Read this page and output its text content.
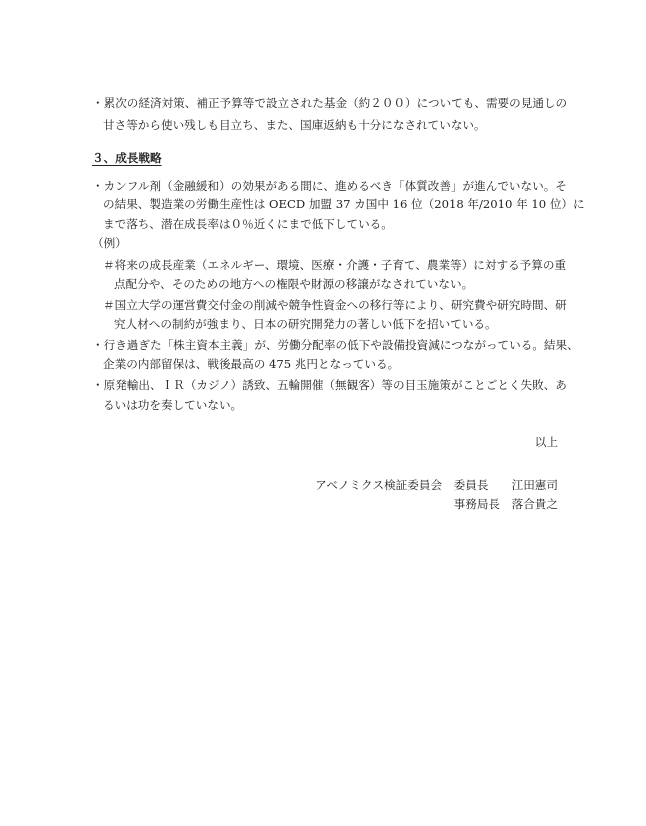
・累次の経済対策、補正予算等で設立された基金（約２００）についても、需要の見通しの
甘さ等から使い残しも目立ち、また、国庫返納も十分になされていない。
３、成長戦略
・カンフル剤（金融緩和）の効果がある間に、進めるべき「体質改善」が進んでいない。そ
の結果、製造業の労働生産性は OECD 加盟 37 カ国中 16 位（2018 年/2010 年 10 位）に
まで落ち、潜在成長率は０％近くにまで低下している。
（例）
＃将来の成長産業（エネルギー、環境、医療・介護・子育て、農業等）に対する予算の重
点配分や、そのための地方への権限や財源の移譲がなされていない。
＃国立大学の運営費交付金の削減や競争性資金への移行等により、研究費や研究時間、研
究人材への制約が強まり、日本の研究開発力の著しい低下を招いている。
・行き過ぎた「株主資本主義」が、労働分配率の低下や設備投資減につながっている。結果、
企業の内部留保は、戦後最高の 475 兆円となっている。
・原発輸出、ＩＲ（カジノ）誘致、五輪開催（無観客）等の目玉施策がことごとく失敗、あ
るいは功を奏していない。
以上
アベノミクス検証委員会　委員長　　江田憲司
事務局長　落合貴之
